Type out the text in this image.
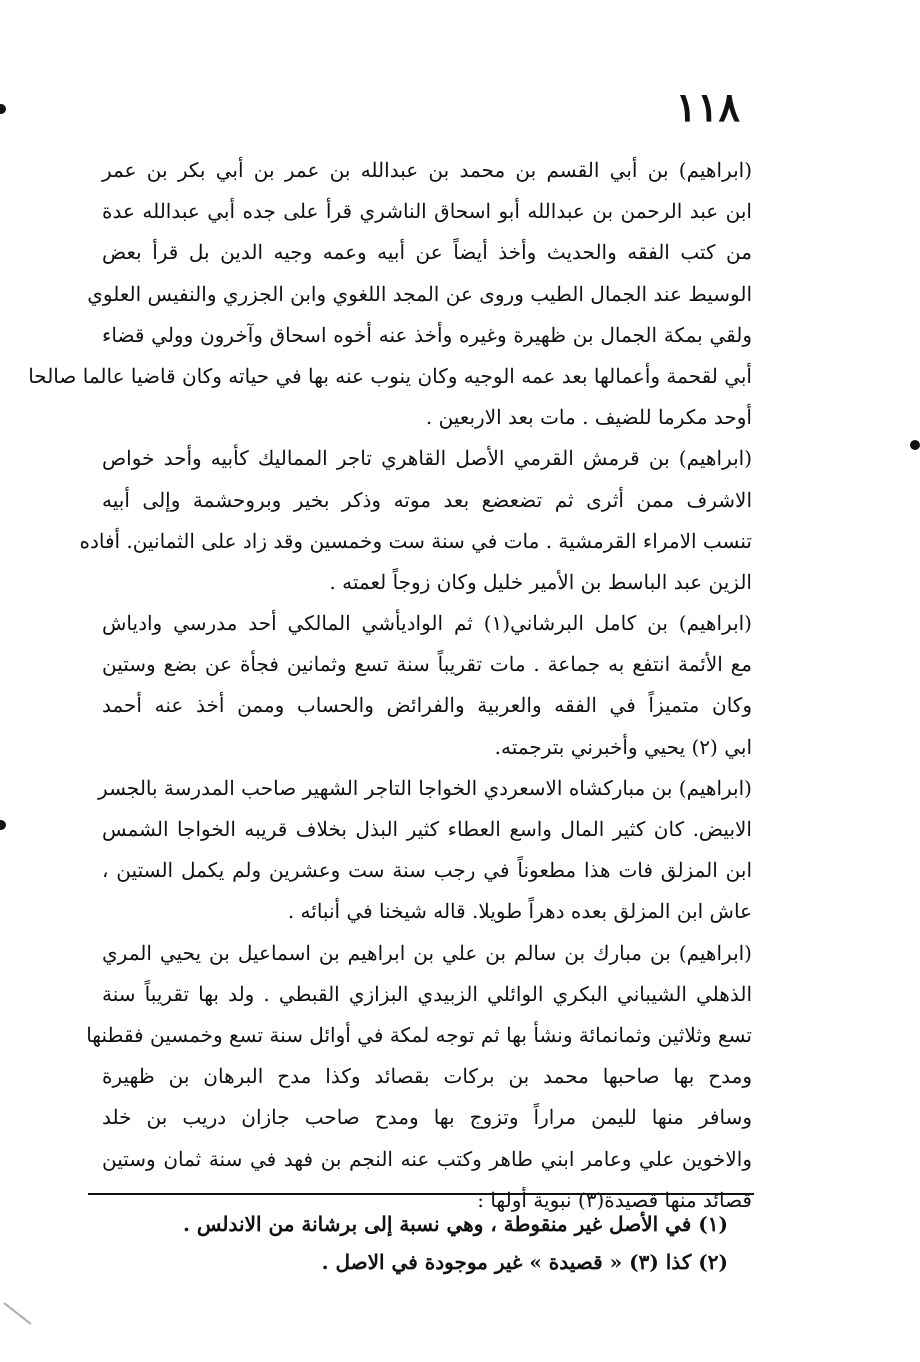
١١٨
(ابراهيم) بن أبي القسم بن محمد بن عبدالله بن عمر بن أبي بكر بن عمر
ابن عبد الرحمن بن عبدالله أبو اسحاق الناشري قرأ على جده أبي عبدالله عدة
من كتب الفقه والحديث وأخذ أيضاً عن أبيه وعمه وجيه الدين بل قرأ بعض
الوسيط عند الجمال الطيب وروى عن المجد اللغوي وابن الجزري والنفيس العلوي
ولقي بمكة الجمال بن ظهيرة وغيره وأخذ عنه أخوه اسحاق وآخرون وولي قضاء
أبي لقحمة وأعمالها بعد عمه الوجيه وكان ينوب عنه بها في حياته وكان قاضيا عالما صالحا
أوحد مكرما للضيف . مات بعد الاربعين .
(ابراهيم) بن قرمش القرمي الأصل القاهري تاجر المماليك كأبيه وأحد خواص
الاشرف ممن أثرى ثم تضعضع بعد موته وذكر بخير وبروحشمة وإلى أبيه
تنسب الامراء القرمشية . مات في سنة ست وخمسين وقد زاد على الثمانين. أفاده
الزين عبد الباسط بن الأمير خليل وكان زوجاً لعمته .
(ابراهيم) بن كامل البرشاني(١) ثم الواديأشي المالكي أحد مدرسي وادياش
مع الأئمة انتفع به جماعة . مات تقريباً سنة تسع وثمانين فجأة عن بضع وستين
وكان متميزاً في الفقه والعربية والفرائض والحساب وممن أخذ عنه أحمد
ابي (٢) يحيي وأخبرني بترجمته.
(ابراهيم) بن مباركشاه الاسعردي الخواجا التاجر الشهير صاحب المدرسة بالجسر
الابيض. كان كثير المال واسع العطاء كثير البذل بخلاف قريبه الخواجا الشمس
ابن المزلق فات هذا مطعوناً في رجب سنة ست وعشرين ولم يكمل الستين ،
عاش ابن المزلق بعده دهراً طويلا. قاله شيخنا في أنبائه .
(ابراهيم) بن مبارك بن سالم بن علي بن ابراهيم بن اسماعيل بن يحيي المري
الذهلي الشيباني البكري الوائلي الزبيدي البزازي القبطي . ولد بها تقريباً سنة
تسع وثلاثين وثمانمائة ونشأ بها ثم توجه لمكة في أوائل سنة تسع وخمسين فقطنها
ومدح بها صاحبها محمد بن بركات بقصائد وكذا مدح البرهان بن ظهيرة
وسافر منها لليمن مراراً وتزوج بها ومدح صاحب جازان دريب بن خلد
والاخوين علي وعامر ابني طاهر وكتب عنه النجم بن فهد في سنة ثمان وستين
قصائد منها قصيدة(٣) نبوية أولها :
(١) في الأصل غير منقوطة ، وهي نسبة إلى برشانة من الاندلس .
(٢) كذا (٣) « قصيدة » غير موجودة في الاصل .
